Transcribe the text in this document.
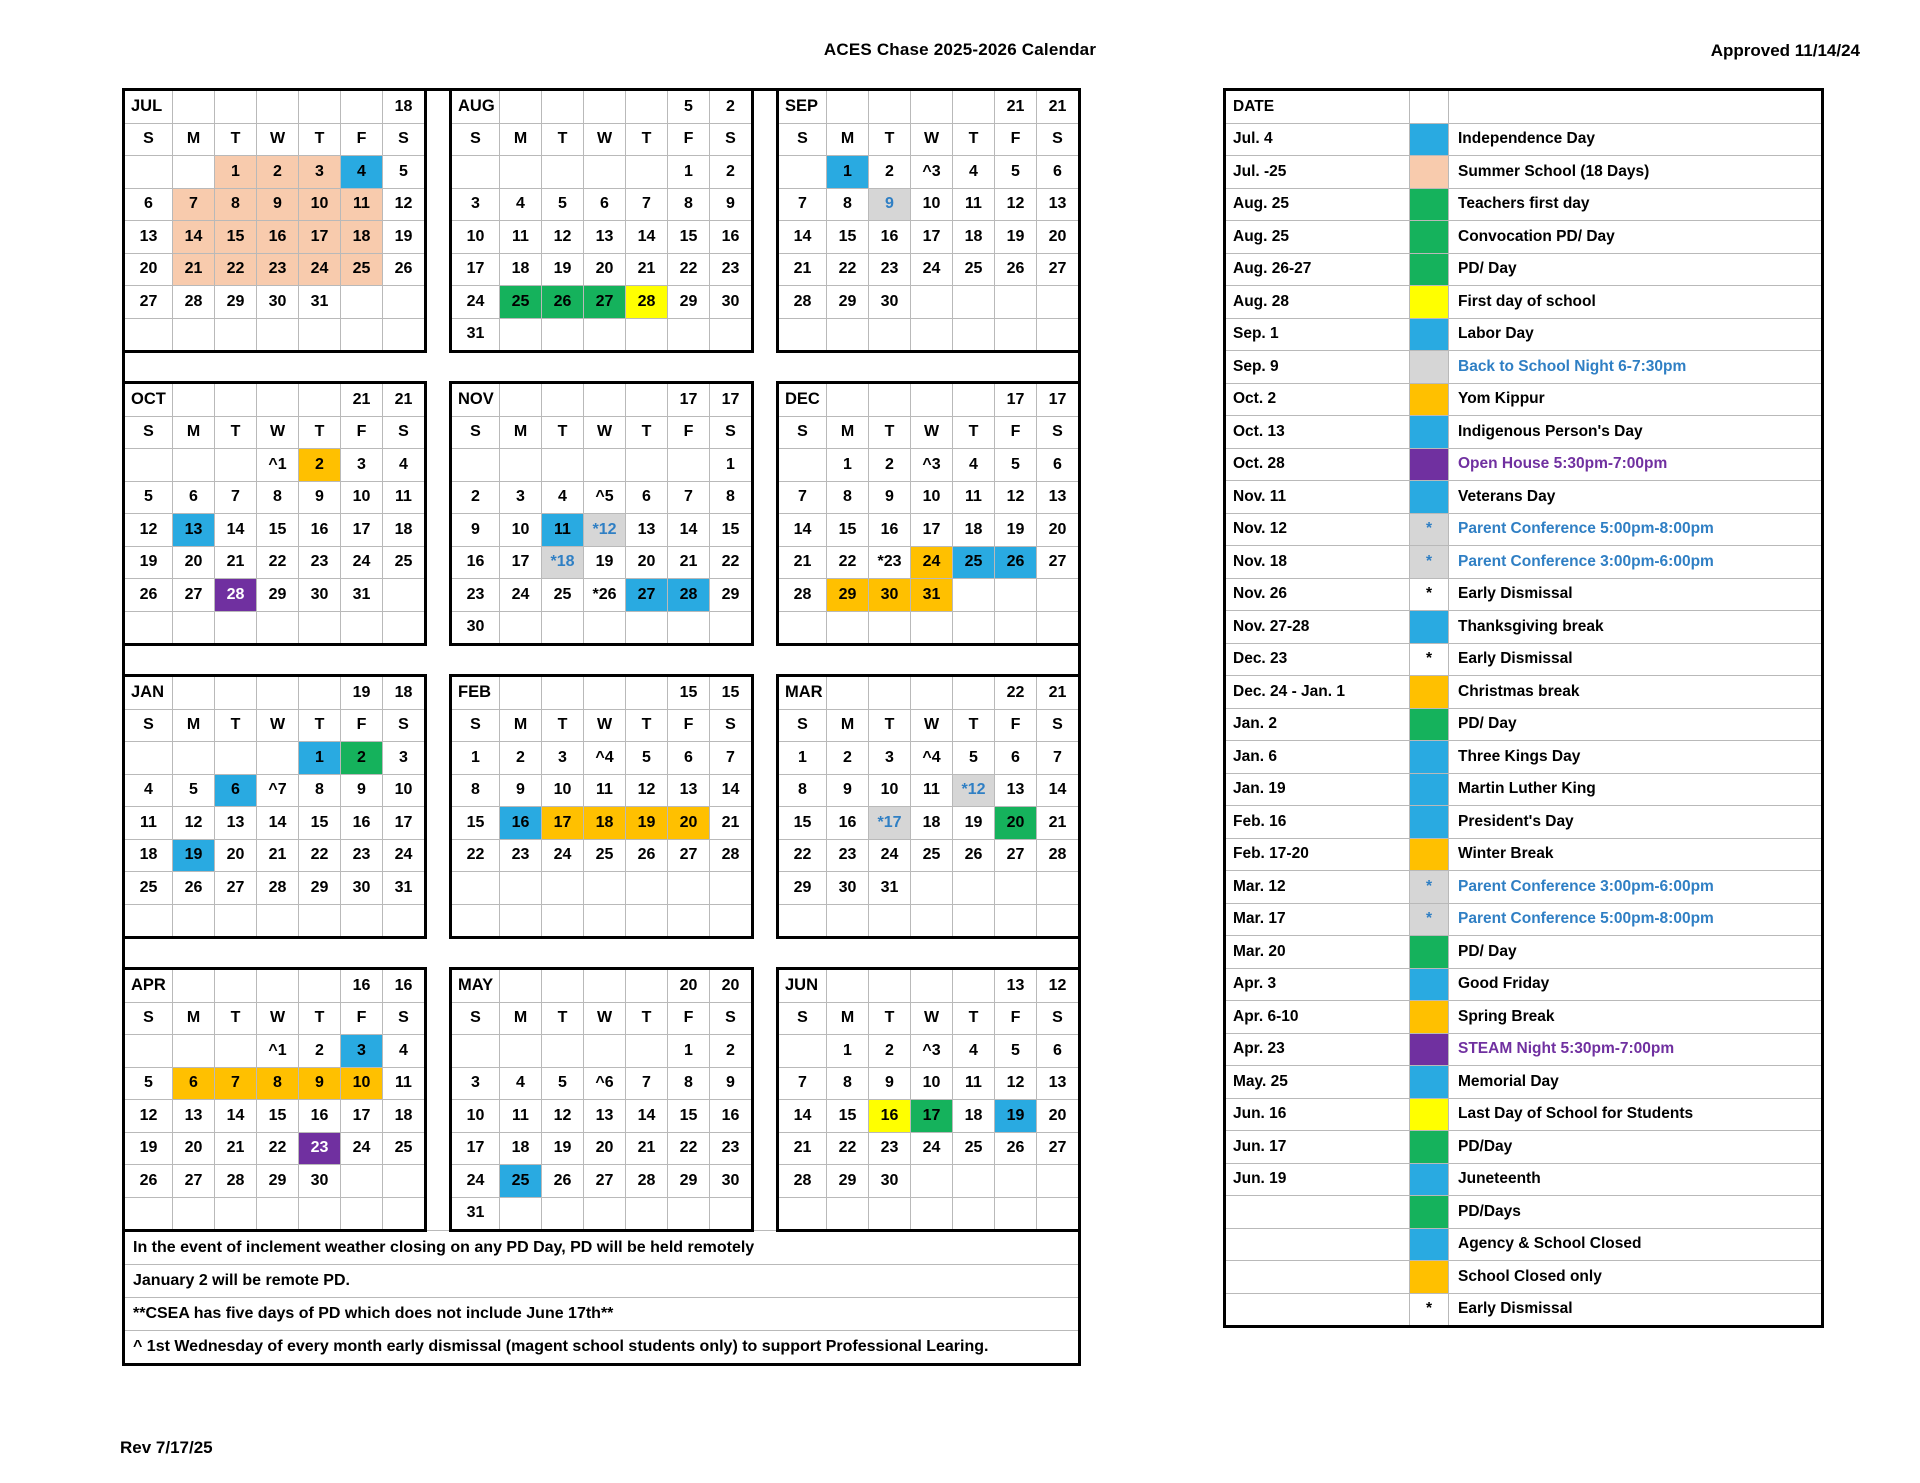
ACES Chase 2025-2026 Calendar	Approved 11/14/24
JUL						18		AUG					5	2		SEP					21	21
S	M	T	W	T	F	S		S	M	T	W	T	F	S		S	M	T	W	T	F	S
		1	2	3	4	5							1	2			1	2	^3	4	5	6
6	7	8	9	10	11	12		3	4	5	6	7	8	9		7	8	9	10	11	12	13
13	14	15	16	17	18	19		10	11	12	13	14	15	16		14	15	16	17	18	19	20
20	21	22	23	24	25	26		17	18	19	20	21	22	23		21	22	23	24	25	26	27
27	28	29	30	31				24	25	26	27	28	29	30		28	29	30				
								31														

OCT					21	21		NOV					17	17		DEC					17	17
S	M	T	W	T	F	S		S	M	T	W	T	F	S		S	M	T	W	T	F	S
			^1	2	3	4								1			1	2	^3	4	5	6
5	6	7	8	9	10	11		2	3	4	^5	6	7	8		7	8	9	10	11	12	13
12	13	14	15	16	17	18		9	10	11	*12	13	14	15		14	15	16	17	18	19	20
19	20	21	22	23	24	25		16	17	*18	19	20	21	22		21	22	*23	24	25	26	27
26	27	28	29	30	31			23	24	25	*26	27	28	29		28	29	30	31			
								30														

JAN					19	18		FEB					15	15		MAR					22	21
S	M	T	W	T	F	S		S	M	T	W	T	F	S		S	M	T	W	T	F	S
				1	2	3		1	2	3	^4	5	6	7		1	2	3	^4	5	6	7
4	5	6	^7	8	9	10		8	9	10	11	12	13	14		8	9	10	11	*12	13	14
11	12	13	14	15	16	17		15	16	17	18	19	20	21		15	16	*17	18	19	20	21
18	19	20	21	22	23	24		22	23	24	25	26	27	28		22	23	24	25	26	27	28
25	26	27	28	29	30	31										29	30	31				

APR					16	16		MAY					20	20		JUN					13	12
S	M	T	W	T	F	S		S	M	T	W	T	F	S		S	M	T	W	T	F	S
			^1	2	3	4							1	2			1	2	^3	4	5	6
5	6	7	8	9	10	11		3	4	5	^6	7	8	9		7	8	9	10	11	12	13
12	13	14	15	16	17	18		10	11	12	13	14	15	16		14	15	16	17	18	19	20
19	20	21	22	23	24	25		17	18	19	20	21	22	23		21	22	23	24	25	26	27
26	27	28	29	30				24	25	26	27	28	29	30		28	29	30				
								31														
In the event of inclement weather closing on any PD Day, PD will be held remotely																						
January 2 will be remote PD.																						
**CSEA has five days of PD which does not include June 17th**																						
^ 1st Wednesday of every month early dismissal (magent school students only) to support Professional Learing.																						
DATE		
Jul. 4		Independence Day
Jul. -25		Summer School (18 Days)
Aug. 25		Teachers first day
Aug. 25		Convocation PD/ Day
Aug. 26-27		PD/ Day
Aug. 28		First day of school
Sep. 1		Labor Day
Sep. 9		Back to School Night 6-7:30pm
Oct. 2		Yom Kippur
Oct. 13		Indigenous Person's Day
Oct. 28		Open House 5:30pm-7:00pm
Nov. 11		Veterans Day
Nov. 12	*	Parent Conference 5:00pm-8:00pm
Nov. 18	*	Parent Conference 3:00pm-6:00pm
Nov. 26	*	Early Dismissal
Nov. 27-28		Thanksgiving break
Dec. 23	*	Early Dismissal
Dec. 24 - Jan. 1		Christmas break
Jan. 2		PD/ Day
Jan. 6		Three Kings Day
Jan. 19		Martin Luther King
Feb. 16		President's Day
Feb. 17-20		Winter Break
Mar. 12	*	Parent Conference 3:00pm-6:00pm
Mar. 17	*	Parent Conference 5:00pm-8:00pm
Mar. 20		PD/ Day
Apr. 3		Good Friday
Apr. 6-10		Spring Break
Apr. 23		STEAM Night 5:30pm-7:00pm
May. 25		Memorial Day
Jun. 16		Last Day of School for Students
Jun. 17		PD/Day
Jun. 19		Juneteenth
		PD/Days
		Agency & School Closed
		School Closed only
	*	Early Dismissal
Rev 7/17/25
